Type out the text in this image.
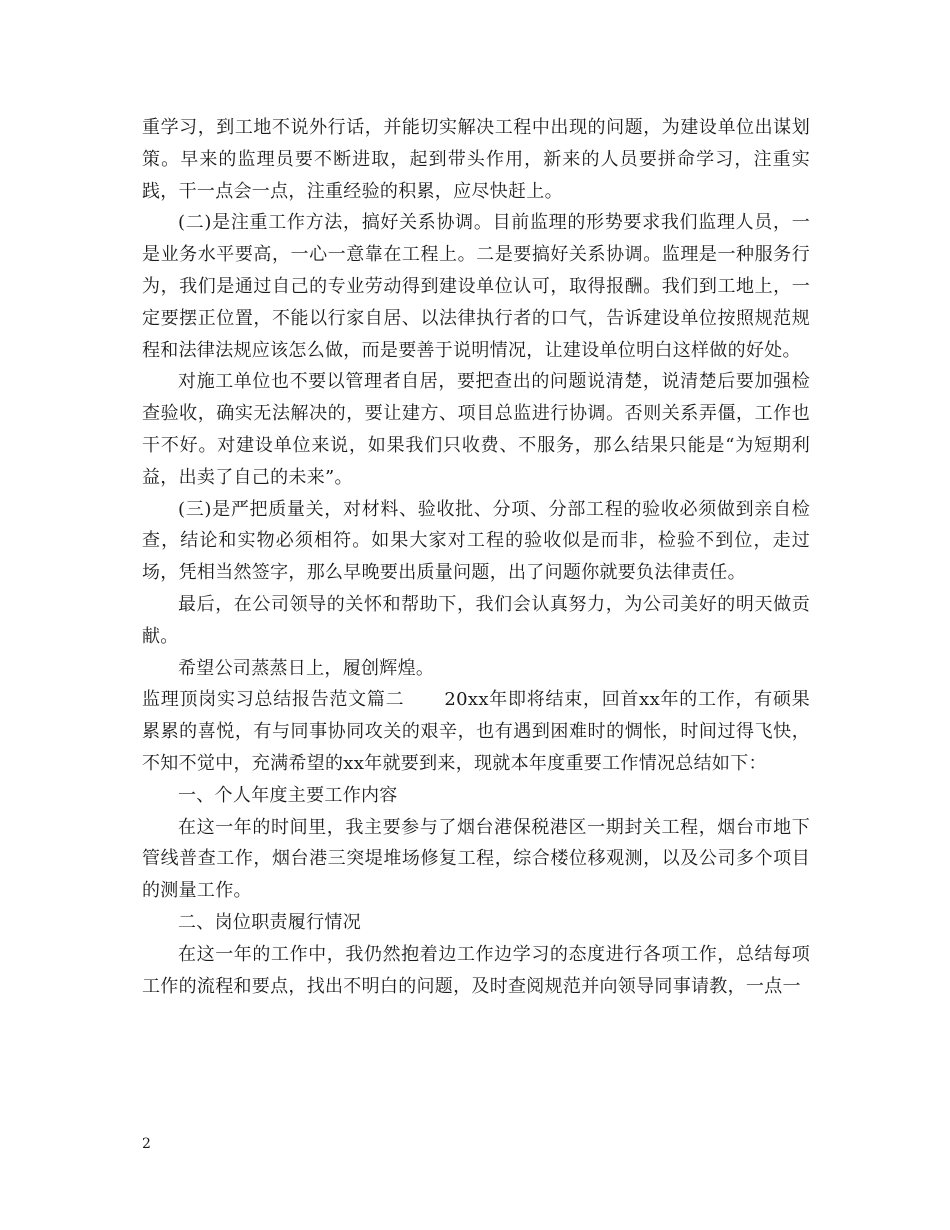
重学习，到工地不说外行话，并能切实解决工程中出现的问题，为建设单位出谋划策。早来的监理员要不断进取，起到带头作用，新来的人员要拼命学习，注重实践，干一点会一点，注重经验的积累，应尽快赶上。

(二)是注重工作方法，搞好关系协调。目前监理的形势要求我们监理人员，一是业务水平要高，一心一意靠在工程上。二是要搞好关系协调。监理是一种服务行为，我们是通过自己的专业劳动得到建设单位认可，取得报酬。我们到工地上，一定要摆正位置，不能以行家自居、以法律执行者的口气，告诉建设单位按照规范规程和法律法规应该怎么做，而是要善于说明情况，让建设单位明白这样做的好处。

对施工单位也不要以管理者自居，要把查出的问题说清楚，说清楚后要加强检查验收，确实无法解决的，要让建方、项目总监进行协调。否则关系弄僵，工作也干不好。对建设单位来说，如果我们只收费、不服务，那么结果只能是“为短期利益，出卖了自己的未来”。

(三)是严把质量关，对材料、验收批、分项、分部工程的验收必须做到亲自检查，结论和实物必须相符。如果大家对工程的验收似是而非，检验不到位，走过场，凭相当然签字，那么早晚要出质量问题，出了问题你就要负法律责任。

最后，在公司领导的关怀和帮助下，我们会认真努力，为公司美好的明天做贡献。

希望公司蒸蒸日上，履创辉煌。

监理顶岗实习总结报告范文篇二 20xx年即将结束，回首xx年的工作，有硕果累累的喜悦，有与同事协同攻关的艰辛，也有遇到困难时的惆怅，时间过得飞快，不知不觉中，充满希望的xx年就要到来，现就本年度重要工作情况总结如下：

一、个人年度主要工作内容

在这一年的时间里，我主要参与了烟台港保税港区一期封关工程，烟台市地下管线普查工作，烟台港三突堤堆场修复工程，综合楼位移观测，以及公司多个项目的测量工作。

二、岗位职责履行情况

在这一年的工作中，我仍然抱着边工作边学习的态度进行各项工作，总结每项工作的流程和要点，找出不明白的问题，及时查阅规范并向领导同事请教，一点一

2
